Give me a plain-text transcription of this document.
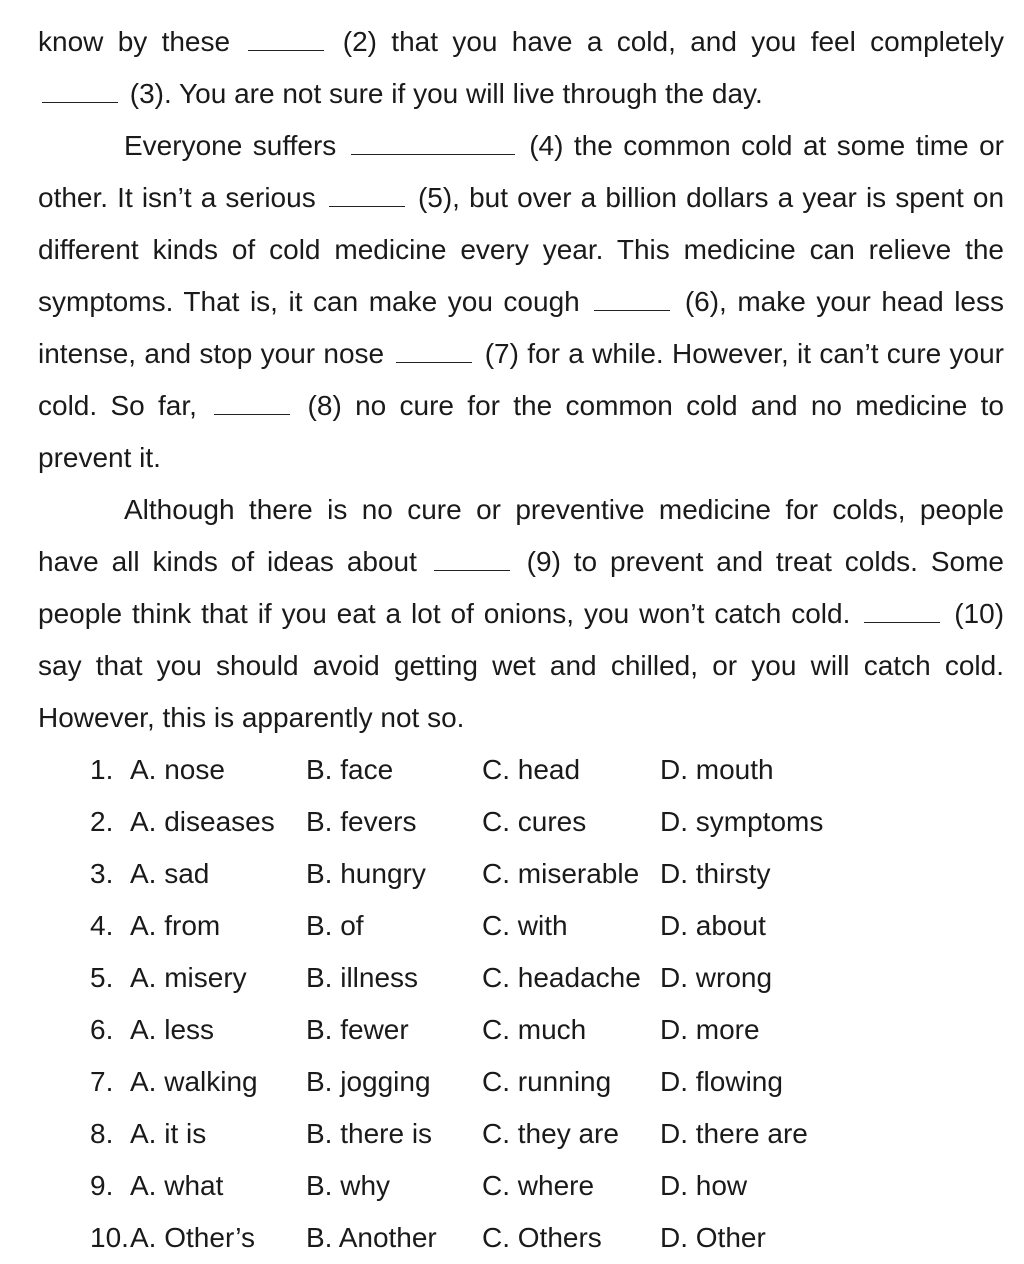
know by these	(2) that you have a cold, and you feel completely  (3). You are not sure if you will live through the day.

Everyone suffers	(4) the common cold at some time or other. It isn’t a serious	(5), but over a billion dollars a year is spent on different kinds of cold medicine every year. This medicine can relieve the symptoms. That is, it can make you cough	(6), make your head less intense, and stop your nose	(7) for a while. However, it can’t cure your cold. So far,	(8) no cure for the common cold and no medicine to prevent it.

Although there is no cure or preventive medicine for colds, people have all kinds of ideas about	(9) to prevent and treat colds. Some people think that if you eat a lot of onions, you won’t catch cold.	(10) say that you should avoid getting wet and chilled, or you will catch cold. However, this is apparently not so.

1. A. nose	B. face	C. head	D. mouth
2. A. diseases	B. fevers	C. cures	D. symptoms
3. A. sad	B. hungry	C. miserable D. thirsty
4. A. from	B. of	C. with	D. about
5. A. misery	B. illness	C. headache D. wrong
6. A. less	B. fewer	C. much	D. more
7. A. walking	B. jogging	C. running	D. flowing
8. A. it is	B. there is	C. they are	D. there are
9. A. what	B. why	C. where	D. how
10. A. Other’s	B. Another	C. Others	D. Other
